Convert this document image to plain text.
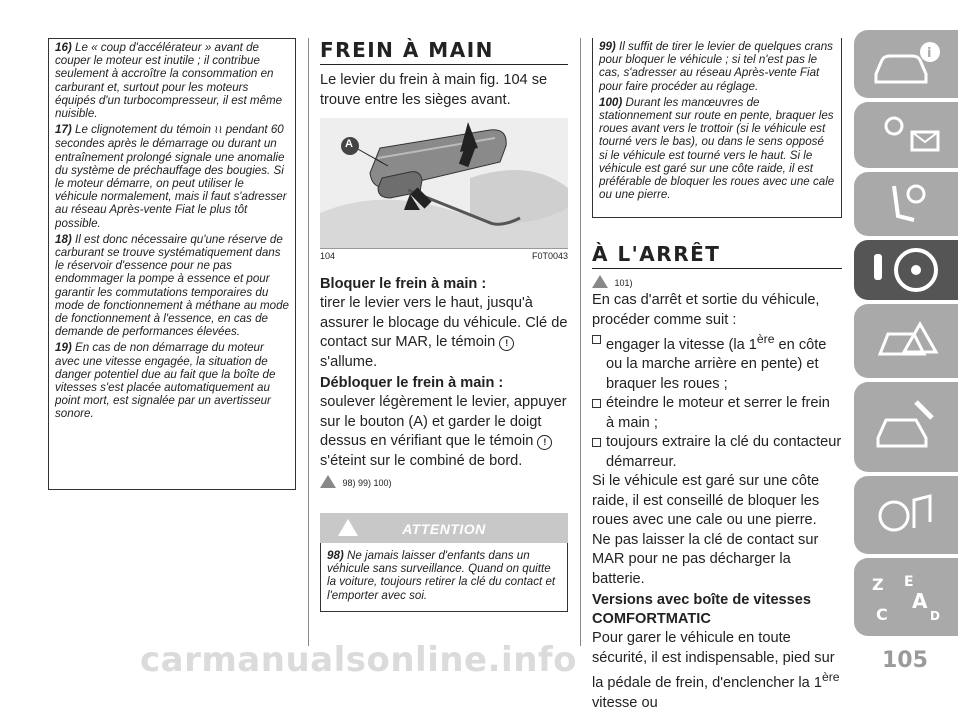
16) Le « coup d'accélérateur » avant de couper le moteur est inutile ; il contribue seulement à accroître la consommation en carburant et, surtout pour les moteurs équipés d'un turbocompresseur, il est même nuisible.

17) Le clignotement du témoin ≀≀ pendant 60 secondes après le démarrage ou durant un entraînement prolongé signale une anomalie du système de préchauffage des bougies. Si le moteur démarre, on peut utiliser le véhicule normalement, mais il faut s'adresser au réseau Après-vente Fiat le plus tôt possible.

18) Il est donc nécessaire qu'une réserve de carburant se trouve systématiquement dans le réservoir d'essence pour ne pas endommager la pompe à essence et pour garantir les commutations temporaires du mode de fonctionnement à méthane au mode de fonctionnement à l'essence, en cas de demande de performances élevées.

19) En cas de non démarrage du moteur avec une vitesse engagée, la situation de danger potentiel due au fait que la boîte de vitesses s'est placée automatiquement au point mort, est signalée par un avertisseur sonore.

FREIN À MAIN

Le levier du frein à main fig. 104 se trouve entre les sièges avant.

A
104	F0T0043

Bloquer le frein à main :

tirer le levier vers le haut, jusqu'à assurer le blocage du véhicule. Clé de contact sur MAR, le témoin ! s'allume.

Débloquer le frein à main :

soulever légèrement le levier, appuyer sur le bouton (A) et garder le doigt dessus en vérifiant que le témoin ! s'éteint sur le combiné de bord.

98) 99) 100)
ATTENTION

98) Ne jamais laisser d'enfants dans un véhicule sans surveillance. Quand on quitte la voiture, toujours retirer la clé du contact et l'emporter avec soi.

99) Il suffit de tirer le levier de quelques crans pour bloquer le véhicule ; si tel n'est pas le cas, s'adresser au réseau Après-vente Fiat pour faire procéder au réglage.

100) Durant les manœuvres de stationnement sur route en pente, braquer les roues avant vers le trottoir (si le véhicule est tourné vers le bas), ou dans le sens opposé si le véhicule est tourné vers le haut. Si le véhicule est garé sur une côte raide, il est préférable de bloquer les roues avec une cale ou une pierre.

À L'ARRÊT
101)

En cas d'arrêt et sortie du véhicule, procéder comme suit :

engager la vitesse (la 1ère en côte ou la marche arrière en pente) et braquer les roues ;
éteindre le moteur et serrer le frein à main ;
toujours extraire la clé du contacteur démarreur.

Si le véhicule est garé sur une côte raide, il est conseillé de bloquer les roues avec une cale ou une pierre.

Ne pas laisser la clé de contact sur MAR pour ne pas décharger la batterie.

Versions avec boîte de vitesses COMFORTMATIC

Pour garer le véhicule en toute sécurité, il est indispensable, pied sur la pédale de frein, d'enclencher la 1ère vitesse ou

i
Z E
A
C	D
105
carmanualsonline.info
